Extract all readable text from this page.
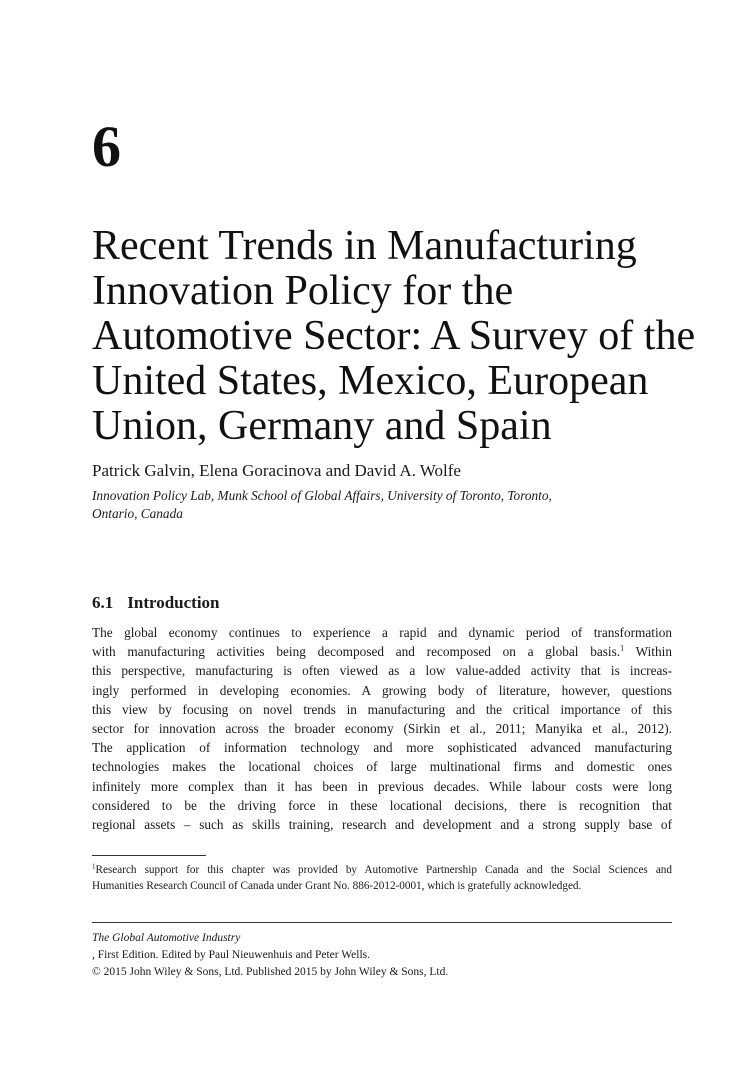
6
Recent Trends in Manufacturing
Innovation Policy for the
Automotive Sector: A Survey of the
United States, Mexico, European
Union, Germany and Spain
Patrick Galvin, Elena Goracinova and David A. Wolfe
Innovation Policy Lab, Munk School of Global Affairs, University of Toronto, Toronto,
Ontario, Canada
6.1 Introduction
The global economy continues to experience a rapid and dynamic period of transformation
with manufacturing activities being decomposed and recomposed on a global basis.$^1$ Within
this perspective, manufacturing is often viewed as a low value-added activity that is increas-
ingly performed in developing economies. A growing body of literature, however, questions
this view by focusing on novel trends in manufacturing and the critical importance of this
sector for innovation across the broader economy (Sirkin et al., 2011; Manyika et al., 2012).
The application of information technology and more sophisticated advanced manufacturing
technologies makes the locational choices of large multinational firms and domestic ones
infinitely more complex than it has been in previous decades. While labour costs were long
considered to be the driving force in these locational decisions, there is recognition that
regional assets – such as skills training, research and development and a strong supply base of
$^1$Research support for this chapter was provided by Automotive Partnership Canada and the Social Sciences and
Humanities Research Council of Canada under Grant No. 886-2012-0001, which is gratefully acknowledged.
The Global Automotive Industry
, First Edition. Edited by Paul Nieuwenhuis and Peter Wells.
© 2015 John Wiley & Sons, Ltd. Published 2015 by John Wiley & Sons, Ltd.
